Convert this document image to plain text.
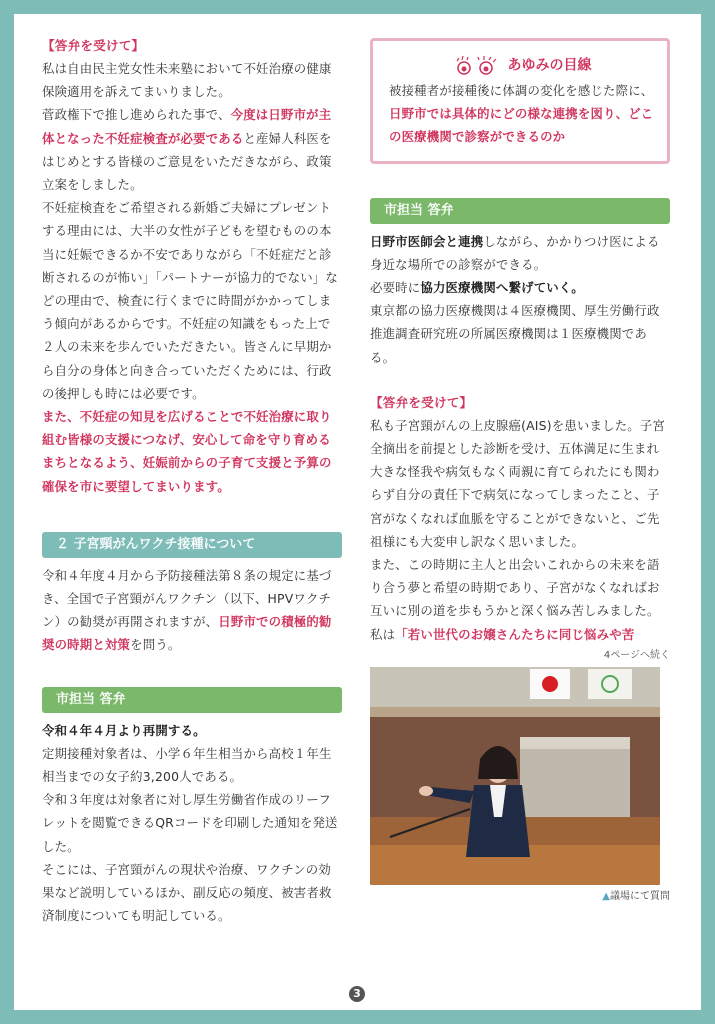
【答弁を受けて】

私は自由民主党女性未来塾において不妊治療の健康保険適用を訴えてまいりました。

菅政権下で推し進められた事で、今度は日野市が主体となった不妊症検査が必要であると産婦人科医をはじめとする皆様のご意見をいただきながら、政策立案をしました。

不妊症検査をご希望される新婚ご夫婦にプレゼントする理由には、大半の女性が子どもを望むものの本当に妊娠できるか不安でありながら「不妊症だと診断されるのが怖い」「パートナーが協力的でない」などの理由で、検査に行くまでに時間がかかってしまう傾向があるからです。不妊症の知識をもった上で２人の未来を歩んでいただきたい。皆さんに早期から自分の身体と向き合っていただくためには、行政の後押しも時には必要です。

また、不妊症の知見を広げることで不妊治療に取り組む皆様の支援につなげ、安心して命を守り育めるまちとなるよう、妊娠前からの子育て支援と予算の確保を市に要望してまいります。

２ 子宮頸がんワクチ接種について

令和４年度４月から予防接種法第８条の規定に基づき、全国で子宮頸がんワクチン（以下、HPVワクチン）の勧奨が再開されますが、日野市での積極的勧奨の時期と対策を問う。

市担当 答弁

令和４年４月より再開する。

定期接種対象者は、小学６年生相当から高校１年生相当までの女子約3,200人である。

令和３年度は対象者に対し厚生労働省作成のリーフレットを閲覧できるQRコードを印刷した通知を発送した。

そこには、子宮頸がんの現状や治療、ワクチンの効果など説明しているほか、副反応の頻度、被害者救済制度についても明記している。

あゆみの目線

被接種者が接種後に体調の変化を感じた際に、日野市では具体的にどの様な連携を図り、どこの医療機関で診察ができるのか

市担当 答弁

日野市医師会と連携しながら、かかりつけ医による身近な場所での診察ができる。

必要時に協力医療機関へ繋げていく。

東京都の協力医療機関は４医療機関、厚生労働行政推進調査研究班の所属医療機関は１医療機関である。

【答弁を受けて】

私も子宮頸がんの上皮腺癌(AIS)を患いました。子宮全摘出を前提とした診断を受け、五体満足に生まれ大きな怪我や病気もなく両親に育てられたにも関わらず自分の責任下で病気になってしまったこと、子宮がなくなれば血脈を守ることができないと、ご先祖様にも大変申し訳なく思いました。

また、この時期に主人と出会いこれからの未来を語り合う夢と希望の時期であり、子宮がなくなればお互いに別の道を歩もうかと深く悩み苦しみました。

私は「若い世代のお嬢さんたちに同じ悩みや苦

4ページへ続く
▲議場にて質問
3
